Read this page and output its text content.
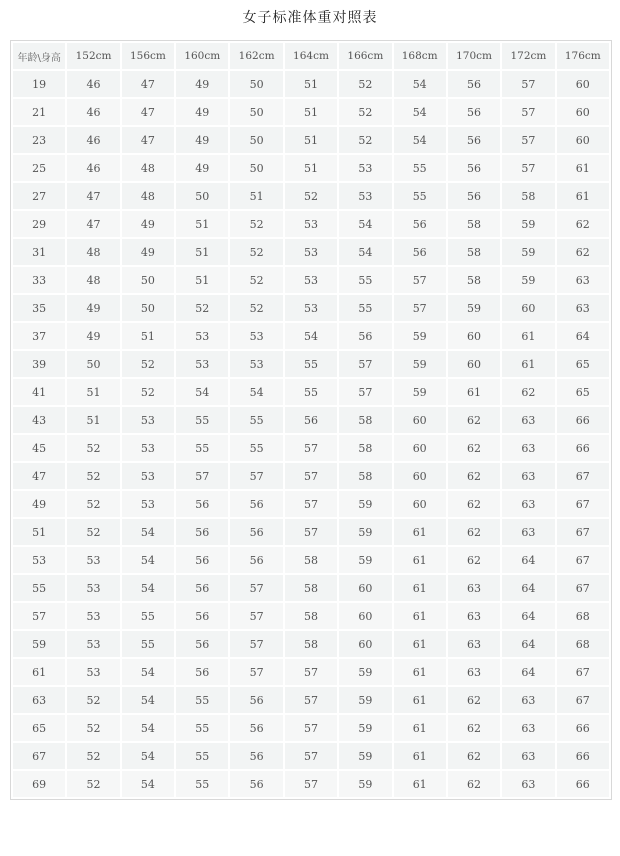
女子标准体重对照表
年龄\身高	152cm	156cm	160cm	162cm	164cm	166cm	168cm	170cm	172cm	176cm
19	46	47	49	50	51	52	54	56	57	60
21	46	47	49	50	51	52	54	56	57	60
23	46	47	49	50	51	52	54	56	57	60
25	46	48	49	50	51	53	55	56	57	61
27	47	48	50	51	52	53	55	56	58	61
29	47	49	51	52	53	54	56	58	59	62
31	48	49	51	52	53	54	56	58	59	62
33	48	50	51	52	53	55	57	58	59	63
35	49	50	52	52	53	55	57	59	60	63
37	49	51	53	53	54	56	59	60	61	64
39	50	52	53	53	55	57	59	60	61	65
41	51	52	54	54	55	57	59	61	62	65
43	51	53	55	55	56	58	60	62	63	66
45	52	53	55	55	57	58	60	62	63	66
47	52	53	57	57	57	58	60	62	63	67
49	52	53	56	56	57	59	60	62	63	67
51	52	54	56	56	57	59	61	62	63	67
53	53	54	56	56	58	59	61	62	64	67
55	53	54	56	57	58	60	61	63	64	67
57	53	55	56	57	58	60	61	63	64	68
59	53	55	56	57	58	60	61	63	64	68
61	53	54	56	57	57	59	61	63	64	67
63	52	54	55	56	57	59	61	62	63	67
65	52	54	55	56	57	59	61	62	63	66
67	52	54	55	56	57	59	61	62	63	66
69	52	54	55	56	57	59	61	62	63	66
